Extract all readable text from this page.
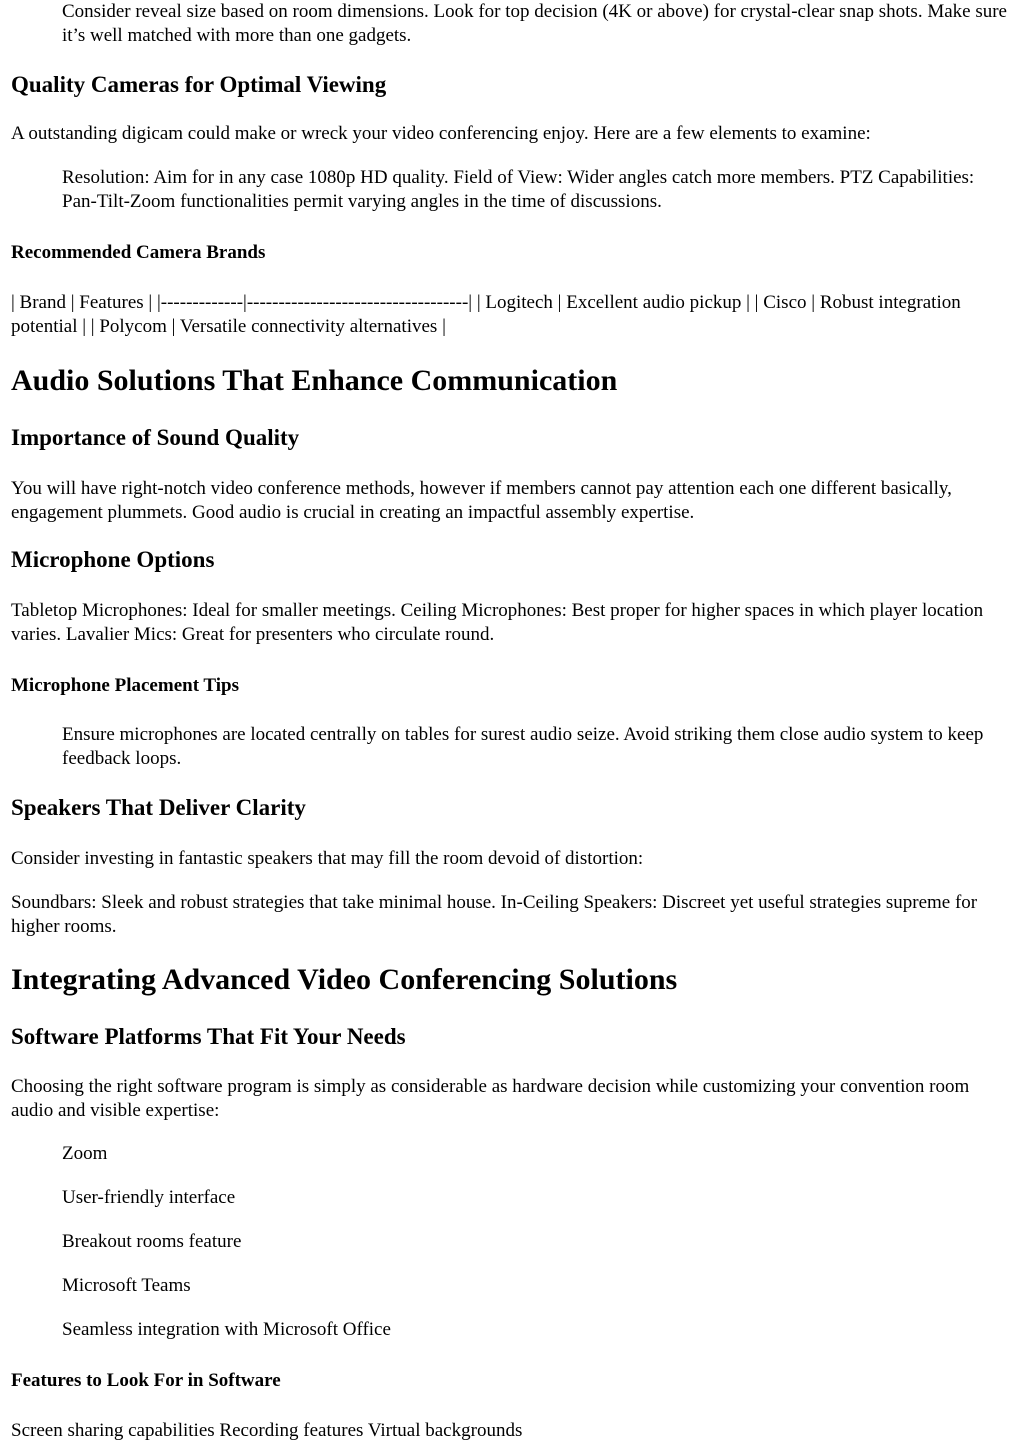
Consider reveal size based on room dimensions. Look for top decision (4K or above) for crystal-clear snap shots. Make sure it’s well matched with more than one gadgets.

Quality Cameras for Optimal Viewing

A outstanding digicam could make or wreck your video conferencing enjoy. Here are a few elements to examine:

Resolution: Aim for in any case 1080p HD quality. Field of View: Wider angles catch more members. PTZ Capabilities: Pan-Tilt-Zoom functionalities permit varying angles in the time of discussions.

Recommended Camera Brands

| Brand | Features | |-------------|-----------------------------------| | Logitech | Excellent audio pickup | | Cisco | Robust integration potential | | Polycom | Versatile connectivity alternatives |

Audio Solutions That Enhance Communication
Importance of Sound Quality

You will have right-notch video conference methods, however if members cannot pay attention each one different basically, engagement plummets. Good audio is crucial in creating an impactful assembly expertise.

Microphone Options

Tabletop Microphones: Ideal for smaller meetings. Ceiling Microphones: Best proper for higher spaces in which player location varies. Lavalier Mics: Great for presenters who circulate round.

Microphone Placement Tips

Ensure microphones are located centrally on tables for surest audio seize. Avoid striking them close audio system to keep feedback loops.

Speakers That Deliver Clarity

Consider investing in fantastic speakers that may fill the room devoid of distortion:

Soundbars: Sleek and robust strategies that take minimal house. In-Ceiling Speakers: Discreet yet useful strategies supreme for higher rooms.

Integrating Advanced Video Conferencing Solutions
Software Platforms That Fit Your Needs

Choosing the right software program is simply as considerable as hardware decision while customizing your convention room audio and visible expertise:

Zoom

User-friendly interface

Breakout rooms feature

Microsoft Teams

Seamless integration with Microsoft Office

Features to Look For in Software

Screen sharing capabilities Recording features Virtual backgrounds
